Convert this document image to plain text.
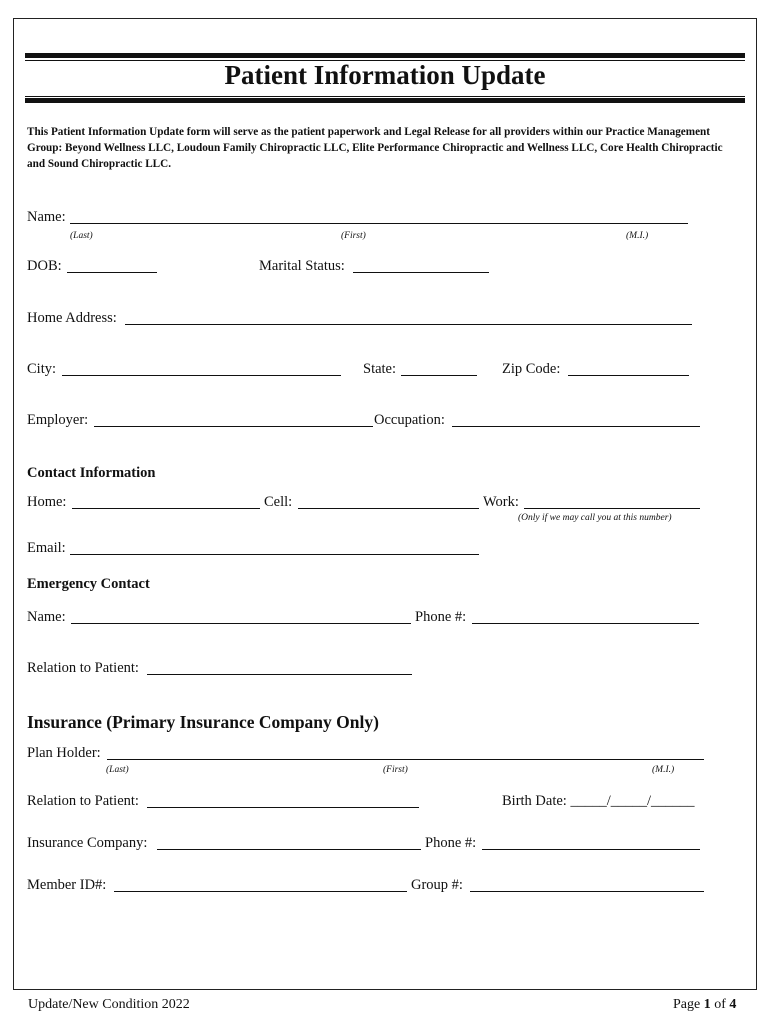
Patient Information Update
This Patient Information Update form will serve as the patient paperwork and Legal Release for all providers within our Practice Management Group: Beyond Wellness LLC, Loudoun Family Chiropractic LLC, Elite Performance Chiropractic and Wellness LLC, Core Health Chiropractic and Sound Chiropractic LLC.
Name:
(Last)	(First)	(M.I.)
DOB:	Marital Status:
Home Address:
City:	State:	Zip Code:
Employer:	Occupation:
Contact Information
Home:	Cell:	Work:
(Only if we may call you at this number)
Email:
Emergency Contact
Name:	Phone #:
Relation to Patient:
Insurance (Primary Insurance Company Only)
Plan Holder:
(Last)	(First)	(M.I.)
Relation to Patient:	Birth Date: _____/_____/______
Insurance Company:	Phone #:
Member ID#:	Group #:
Update/New Condition 2022	Page 1 of 4
